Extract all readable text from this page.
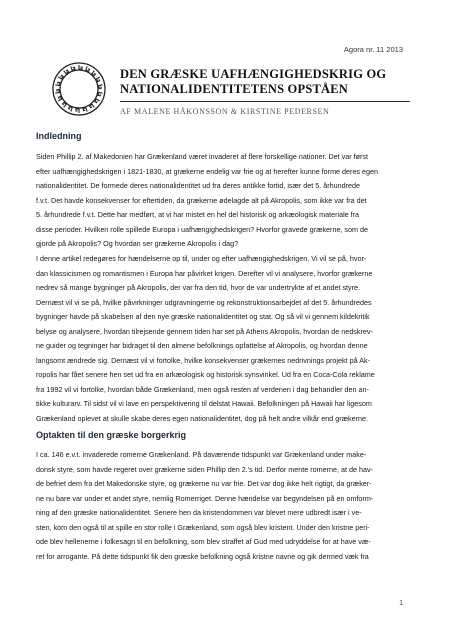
Agora nr. 11 2013
DEN GRÆSKE UAFHÆNGIGHEDSKRIG OG
NATIONALIDENTITETENS OPSTÅEN
AF MALENE HÅKONSSON & KIRSTINE PEDERSEN
Indledning
Siden Phillip 2. af Makedonien har Grækenland været invaderet af flere forskellige nationer. Det var først
efter uafhængighedskrigen i 1821-1830, at grækerne endelig var frie og at herefter kunne forme deres egen
nationalidentitet. De formede deres nationalidentitet ud fra deres antikke fortid, især det 5. århundrede
f.v.t. Det havde konsekvenser for eftertiden, da grækerne ødelagde alt på Akropolis, som ikke var fra det
5. århundrede f.v.t. Dette har medført, at vi har mistet en hel del historisk og arkæologisk materiale fra
disse perioder. Hvilken rolle spillede Europa i uafhængighedskrigen? Hvorfor gravede grækerne, som de
gjorde på Akropolis? Og hvordan ser grækerne Akropolis i dag?
I denne artikel redegøres for hændelserne op til, under og efter uafhængighedskrigen. Vi vil se på, hvor-
dan klassicismen og romantismen i Europa har påvirket krigen. Derefter vil vi analysere, hvorfor grækerne
nedrev så mange bygninger på Akropolis, der var fra den tid, hvor de var undertrykte af et andet styre.
Dernæst vil vi se på, hvilke påvirkninger udgravningerne og rekonstruktionsarbejdet af det 5. århundredes
bygninger havde på skabelsen af den nye græske nationalidentitet og stat. Og så vil vi gennem kildekritik
belyse og analysere, hvordan tilrejsende gennem tiden har set på Athens Akropolis, hvordan de nedskrev-
ne guider og tegninger har bidraget til den almene befolknings opfattelse af Akropolis, og hvordan denne
langsomt ændrede sig. Dernæst vil vi fortolke, hvilke konsekvenser grækernes nedrivnings projekt på Ak-
ropolis har fået senere hen set ud fra en arkæologisk og historisk synsvinkel. Ud fra en Coca-Cola reklame
fra 1992 vil vi fortolke, hvordan både Grækenland, men også resten af verdenen i dag behandler den an-
tikke kulturarv. Til sidst vil vi lave en perspektivering til delstat Hawaii. Befolkningen på Hawaii har ligesom
Grækenland oplevet at skulle skabe deres egen nationalidentitet, dog på helt andre vilkår end grækerne.
Optakten til den græske borgerkrig
I ca. 146 e.v.t. invaderede romerne Grækenland. På daværende tidspunkt var Grækenland under make-
donsk styre, som havde regeret over grækerne siden Phillip den 2.'s tid. Derfor mente romerne, at de hav-
de befriet dem fra det Makedonske styre, og grækerne nu var frie. Det var dog ikke helt rigtigt, da græker-
ne nu bare var under et andet styre, nemlig Romerriget. Denne hændelse var begyndelsen på en omform-
ning af den græske nationalidentitet. Senere hen da kristendommen var blevet mere udbredt især i ve-
sten, kom den også til at spille en stor rolle i Grækenland, som også blev kristent. Under den kristne peri-
ode blev hellenerne i folkesagn til en befolkning, som blev straffet af Gud med udryddelse for at have væ-
ret for arrogante. På dette tidspunkt fik den græske befolkning også kristne navne og gik dermed væk fra
1
